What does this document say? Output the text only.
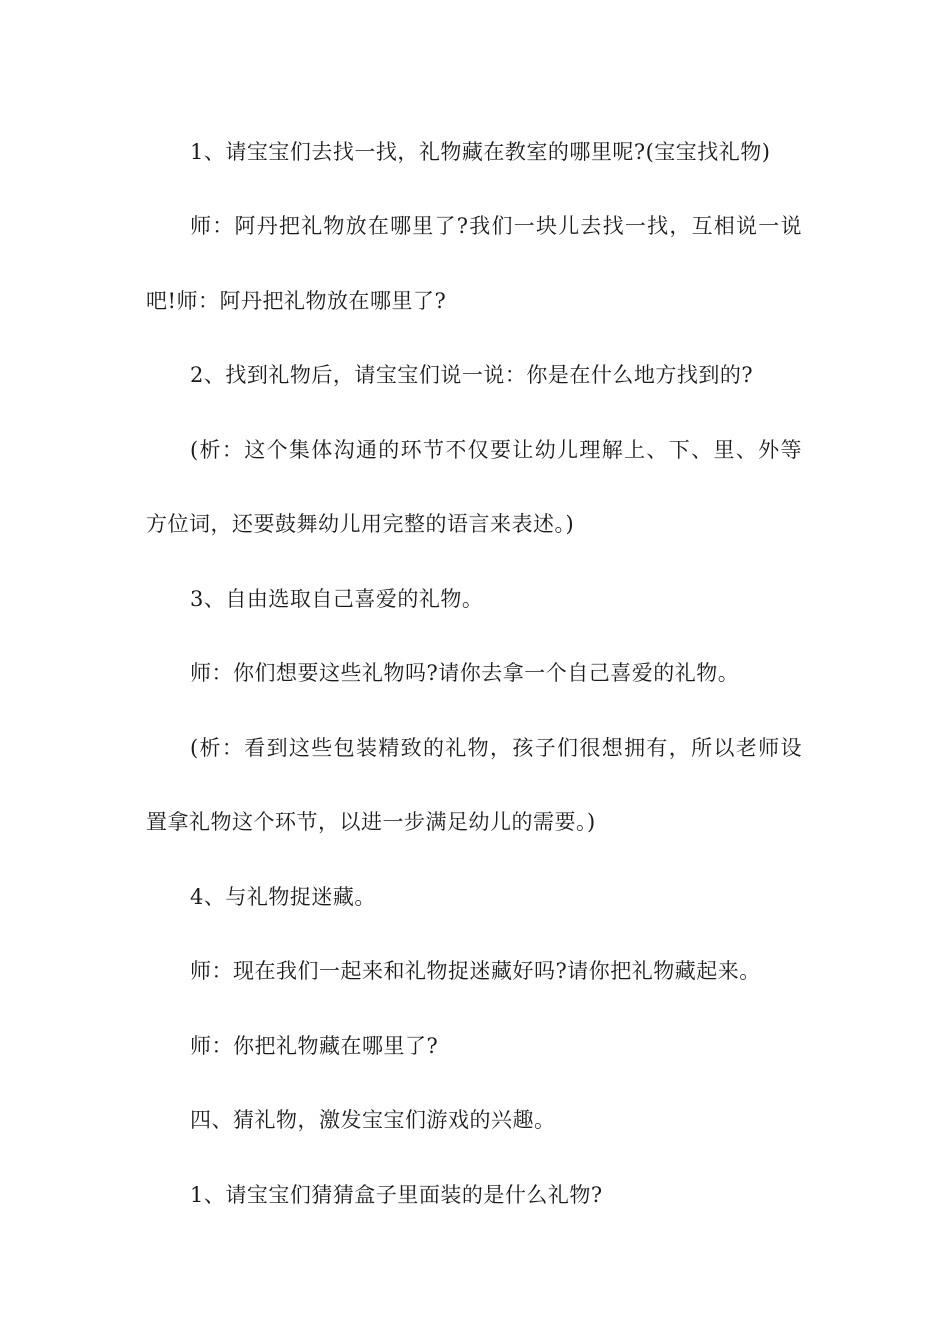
1、请宝宝们去找一找，礼物藏在教室的哪里呢?(宝宝找礼物)

师：阿丹把礼物放在哪里了?我们一块儿去找一找，互相说一说

吧!师：阿丹把礼物放在哪里了?

2、找到礼物后，请宝宝们说一说：你是在什么地方找到的?

(析：这个集体沟通的环节不仅要让幼儿理解上、下、里、外等

方位词，还要鼓舞幼儿用完整的语言来表述。)

3、自由选取自己喜爱的礼物。

师：你们想要这些礼物吗?请你去拿一个自己喜爱的礼物。

(析：看到这些包装精致的礼物，孩子们很想拥有，所以老师设

置拿礼物这个环节，以进一步满足幼儿的需要。)

4、与礼物捉迷藏。

师：现在我们一起来和礼物捉迷藏好吗?请你把礼物藏起来。

师：你把礼物藏在哪里了?

四、猜礼物，激发宝宝们游戏的兴趣。

1、请宝宝们猜猜盒子里面装的是什么礼物?
